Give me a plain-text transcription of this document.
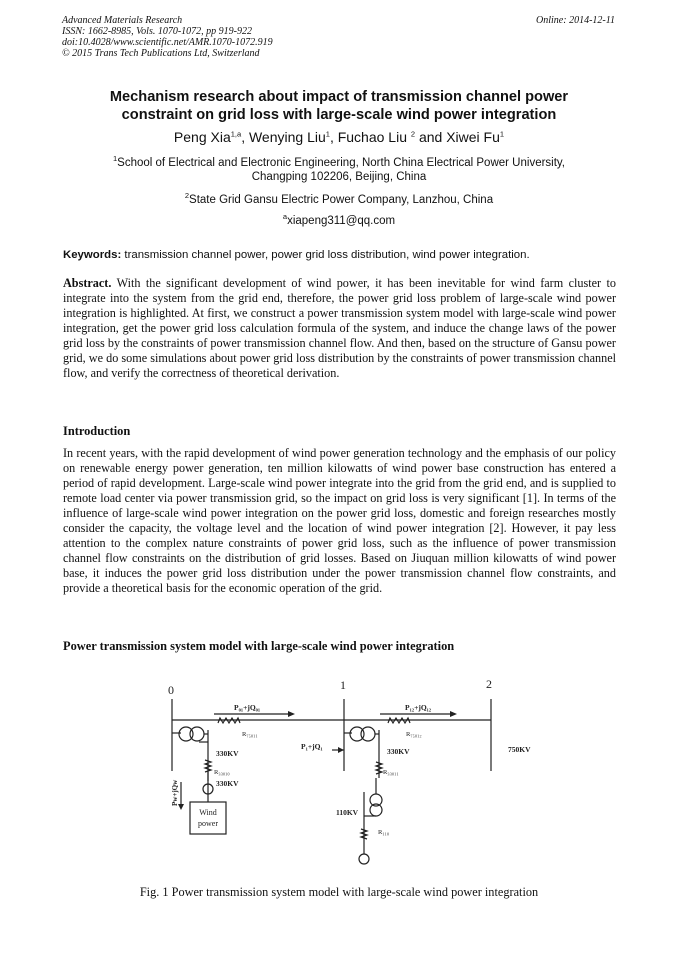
Advanced Materials Research
ISSN: 1662-8985, Vols. 1070-1072, pp 919-922
doi:10.4028/www.scientific.net/AMR.1070-1072.919
© 2015 Trans Tech Publications Ltd, Switzerland
Online: 2014-12-11
Mechanism research about impact of transmission channel power
constraint on grid loss with large-scale wind power integration
Peng Xia$^{1,a}$, Wenying Liu$^1$, Fuchao Liu $^2$ and Xiwei Fu$^1$
$^1$School of Electrical and Electronic Engineering, North China Electrical Power University,
Changping 102206, Beijing, China
$^2$State Grid Gansu Electric Power Company, Lanzhou, China
$^a$xiapeng311@qq.com
Keywords: transmission channel power, power grid loss distribution, wind power integration.
Abstract. With the significant development of wind power, it has been inevitable for wind farm cluster to integrate into the system from the grid end, therefore, the power grid loss problem of large-scale wind power integration is highlighted. At first, we construct a power transmission system model with large-scale wind power integration, get the power grid loss calculation formula of the system, and induce the change laws of the power grid loss by the constraints of power transmission channel flow. And then, based on the structure of Gansu power grid, we do some simulations about power grid loss distribution by the constraints of power transmission channel flow, and verify the correctness of theoretical derivation.
Introduction
In recent years, with the rapid development of wind power generation technology and the emphasis of our policy on renewable energy power generation, ten million kilowatts of wind power base construction has entered a period of rapid development. Large-scale wind power integrate into the grid from the grid end, and is supplied to remote load center via power transmission grid, so the impact on grid loss is very significant [1]. In terms of the influence of large-scale wind power integration on the power grid loss, domestic and foreign researches mostly consider the capacity, the voltage level and the location of wind power integration [2]. However, it pay less attention to the complex nature constraints of power grid loss, such as the influence of power transmission channel flow constraints on the distribution of grid losses. Based on Jiuquan million kilowatts of wind power base, it induces the power grid loss distribution under the power transmission channel flow constraints, and provide a theoretical basis for the economic operation of the grid.
Power transmission system model with large-scale wind power integration
0	1	2
P₀₁+jQ₀₁	P₁₂+jQ₁₂
R₇₅₀₁₁	R₇₅₀₁₂
330KV
R₃₃₀₁₀
330KV
P₁+jQ₁
330KV
R₃₃₀₁₁
750KV
110KV
R₁₁₀
Pw+jQw
Wind
power
Fig. 1 Power transmission system model with large-scale wind power integration
